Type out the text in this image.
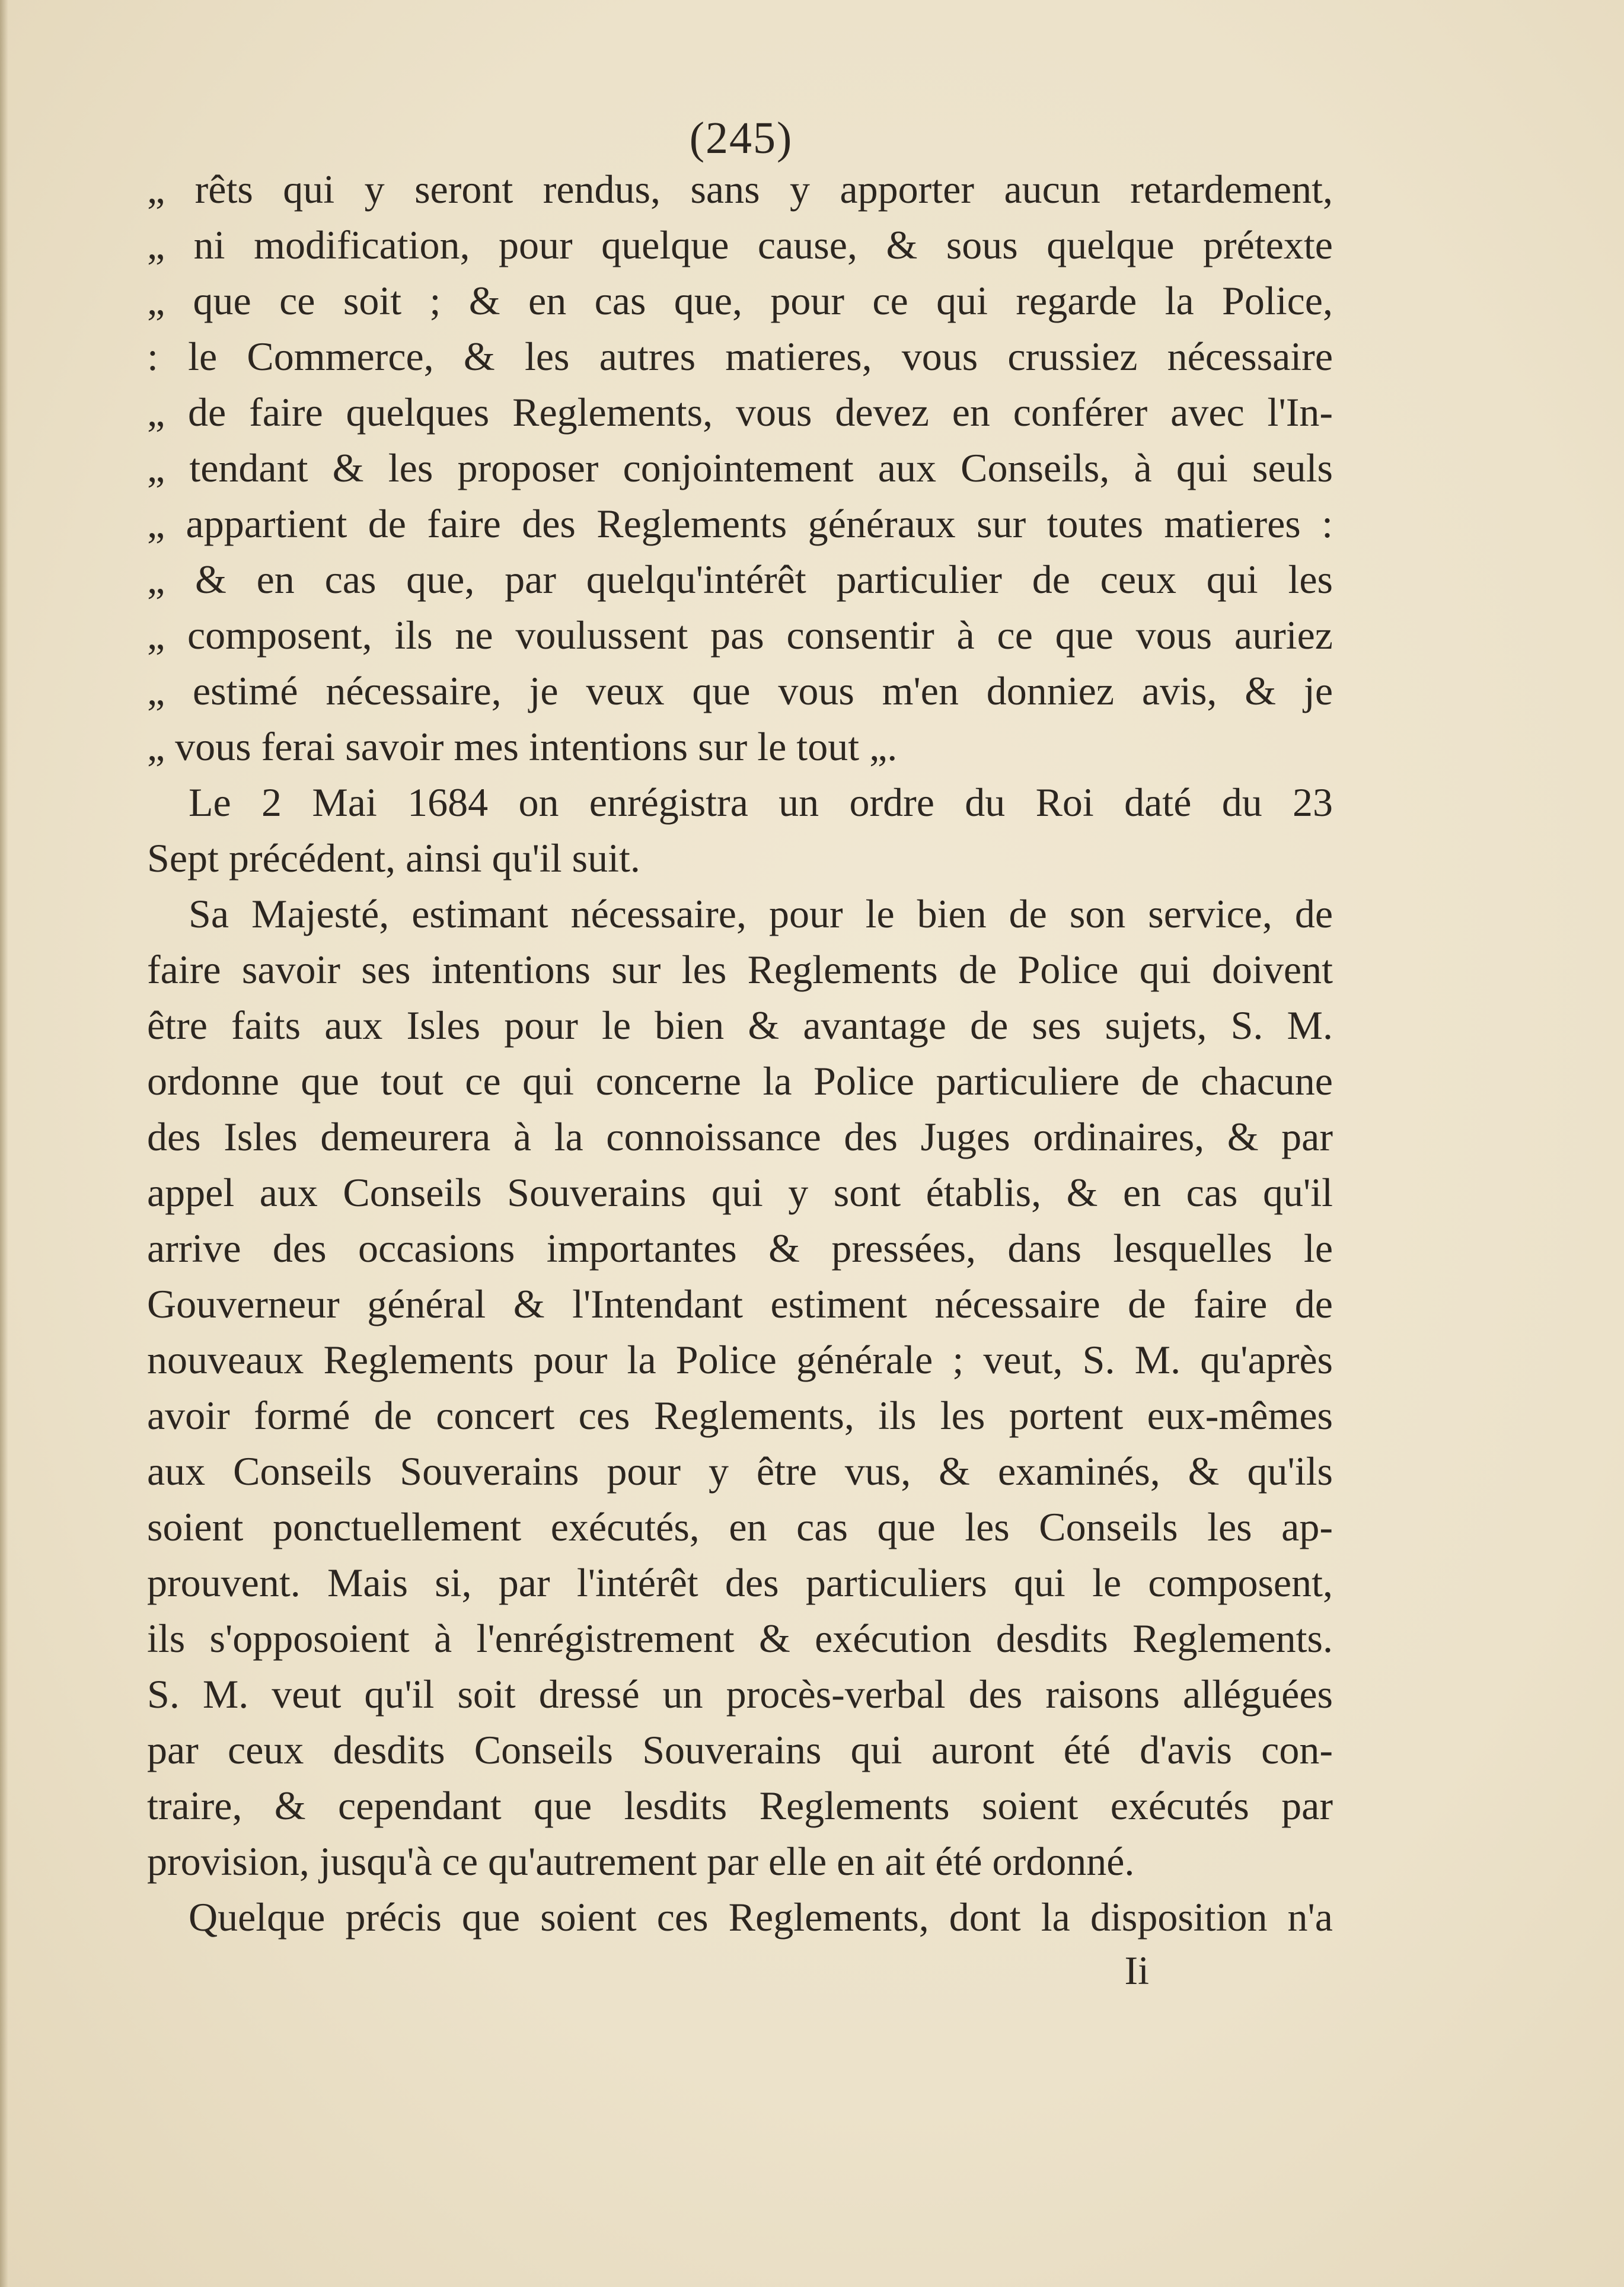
(245)
„ rêts qui y seront rendus, sans y apporter aucun retardement,
„ ni modification, pour quelque cause, & sous quelque prétexte
„ que ce soit ; & en cas que, pour ce qui regarde la Police,
: le Commerce, & les autres matieres, vous crussiez nécessaire
„ de faire quelques Reglements, vous devez en conférer avec l'In-
„ tendant & les proposer conjointement aux Conseils, à qui seuls
„ appartient de faire des Reglements généraux sur toutes matieres :
„ & en cas que, par quelqu'intérêt particulier de ceux qui les
„ composent, ils ne voulussent pas consentir à ce que vous auriez
„ estimé nécessaire, je veux que vous m'en donniez avis, & je
„ vous ferai savoir mes intentions sur le tout „.
Le 2 Mai 1684 on enrégistra un ordre du Roi daté du 23
Sept précédent, ainsi qu'il suit.
Sa Majesté, estimant nécessaire, pour le bien de son service, de
faire savoir ses intentions sur les Reglements de Police qui doivent
être faits aux Isles pour le bien & avantage de ses sujets, S. M.
ordonne que tout ce qui concerne la Police particuliere de chacune
des Isles demeurera à la connoissance des Juges ordinaires, & par
appel aux Conseils Souverains qui y sont établis, & en cas qu'il
arrive des occasions importantes & pressées, dans lesquelles le
Gouverneur général & l'Intendant estiment nécessaire de faire de
nouveaux Reglements pour la Police générale ; veut, S. M. qu'après
avoir formé de concert ces Reglements, ils les portent eux-mêmes
aux Conseils Souverains pour y être vus, & examinés, & qu'ils
soient ponctuellement exécutés, en cas que les Conseils les ap-
prouvent. Mais si, par l'intérêt des particuliers qui le composent,
ils s'opposoient à l'enrégistrement & exécution desdits Reglements.
S. M. veut qu'il soit dressé un procès-verbal des raisons alléguées
par ceux desdits Conseils Souverains qui auront été d'avis con-
traire, & cependant que lesdits Reglements soient exécutés par
provision, jusqu'à ce qu'autrement par elle en ait été ordonné.
Quelque précis que soient ces Reglements, dont la disposition n'a
Ii
